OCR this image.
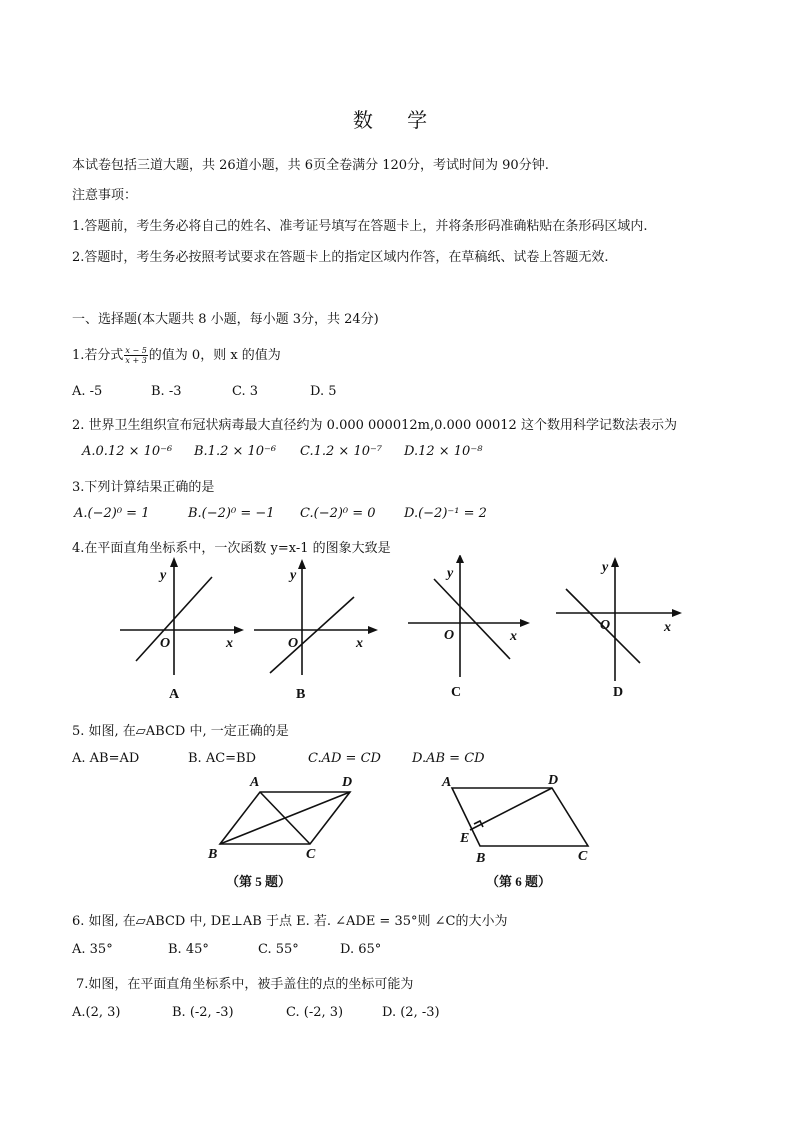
数 学
本试卷包括三道大题，共 26道小题，共 6页全卷满分 120分，考试时间为 90分钟.
注意事项：
1.答题前，考生务必将自己的姓名、准考证号填写在答题卡上，并将条形码准确粘贴在条形码区域内.
2.答题时，考生务必按照考试要求在答题卡上的指定区域内作答，在草稿纸、试卷上答题无效.
一、选择题(本大题共 8 小题，每小题 3分，共 24分)
1.若分式 $\frac{x - 5}{x + 3}$ 的值为 0，则 x 的值为
A. -5	B. -3	C. 3	D. 5
2. 世界卫生组织宣布冠状病毒最大直径约为 0.000 000012m,0.000 00012 这个数用科学记数法表示为
A.0.12 × 10⁻⁶ B.1.2 × 10⁻⁶ C.1.2 × 10⁻⁷ D.12 × 10⁻⁸
3.下列计算结果正确的是
A.(−2)⁰ = 1	B.(−2)⁰ = −1 C.(−2)⁰ = 0 D.(−2)⁻¹ = 2
4.在平面直角坐标系中，一次函数 y=x-1 的图象大致是
y
x
O
y
x
O
y
x
O
y
x
O
A	B	C	D
5. 如图, 在▱ABCD 中, 一定正确的是
A. AB=AD	B. AC=BD	C.AD = CD D.AB = CD
A	D
B	C
A	D
E
B	C
（第 5 题）	（第 6 题）
6. 如图, 在▱ABCD 中, DE⊥AB 于点 E. 若. ∠ADE = 35°则 ∠C的大小为
A. 35°	B. 45°	C. 55°	D. 65°
7.如图，在平面直角坐标系中，被手盖住的点的坐标可能为
A.(2, 3)	B. (-2, -3)	C. (-2, 3)	D. (2, -3)
